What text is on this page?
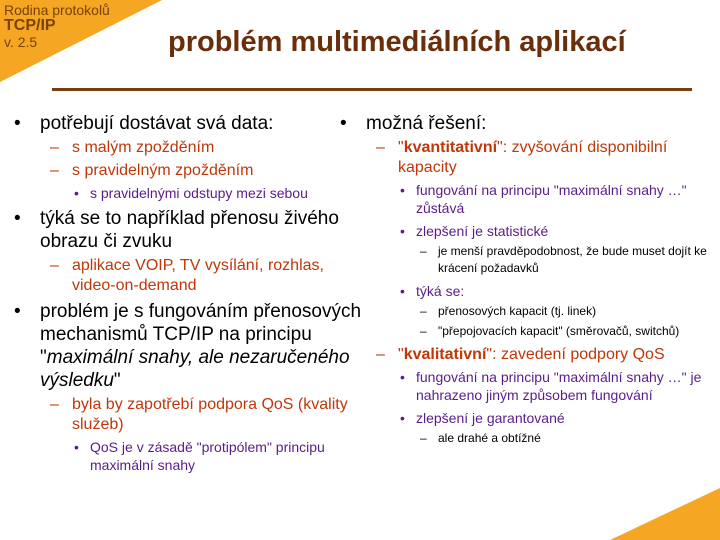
Rodina protokolů
TCP/IP
v. 2.5	problém multimediálních aplikací
• potřebují dostávat svá data:
– s malým zpožděním
– s pravidelným zpožděním
• s pravidelnými odstupy mezi sebou
• týká se to například přenosu živého obrazu či zvuku
– aplikace VOIP, TV vysílání, rozhlas, video-on-demand
• problém je s fungováním přenosových mechanismů TCP/IP na principu "maximální snahy, ale nezaručeného výsledku"
– byla by zapotřebí podpora QoS (kvality služeb)
• QoS je v zásadě "protipólem" principu maximální snahy
• možná řešení:
– "kvantitativní": zvyšování disponibilní kapacity
• fungování na principu "maximální snahy …" zůstává
• zlepšení je statistické
– je menší pravděpodobnost, že bude muset dojít ke krácení požadavků
• týká se:
– přenosových kapacit (tj. linek)
– "přepojovacích kapacit" (směrovačů, switchů)
– "kvalitativní": zavedení podpory QoS
• fungování na principu "maximální snahy …" je nahrazeno jiným způsobem fungování
• zlepšení je garantované
– ale drahé a obtížné
